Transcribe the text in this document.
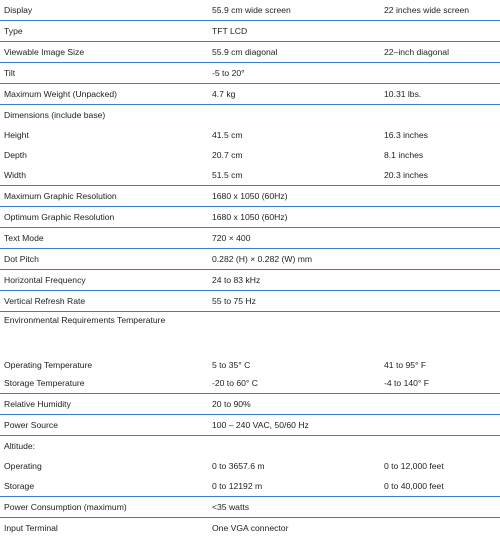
Display	55.9 cm wide screen	22 inches wide screen
Type	TFT LCD	
Viewable Image Size	55.9 cm diagonal	22–inch diagonal
Tilt	-5 to 20°	
Maximum Weight (Unpacked)	4.7 kg	10.31 lbs.
Dimensions (include base)		
Height	41.5 cm	16.3 inches
Depth	20.7 cm	8.1 inches
Width	51.5 cm	20.3 inches
Maximum Graphic Resolution	1680 x 1050 (60Hz)	
Optimum Graphic Resolution	1680 x 1050 (60Hz)	
Text Mode	720 × 400	
Dot Pitch	0.282 (H) × 0.282 (W) mm	
Horizontal Frequency	24 to 83 kHz	
Vertical Refresh Rate	55 to 75 Hz	
Environmental Requirements Temperature		
Operating Temperature	5 to 35° C	41 to 95° F
Storage Temperature	-20 to 60° C	-4 to 140° F
Relative Humidity	20 to 90%	
Power Source	100 – 240 VAC, 50/60 Hz	
Altitude:		
Operating	0 to 3657.6 m	0 to 12,000 feet
Storage	0 to 12192 m	0 to 40,000 feet
Power Consumption (maximum)	<35 watts	
Input Terminal	One VGA connector	
